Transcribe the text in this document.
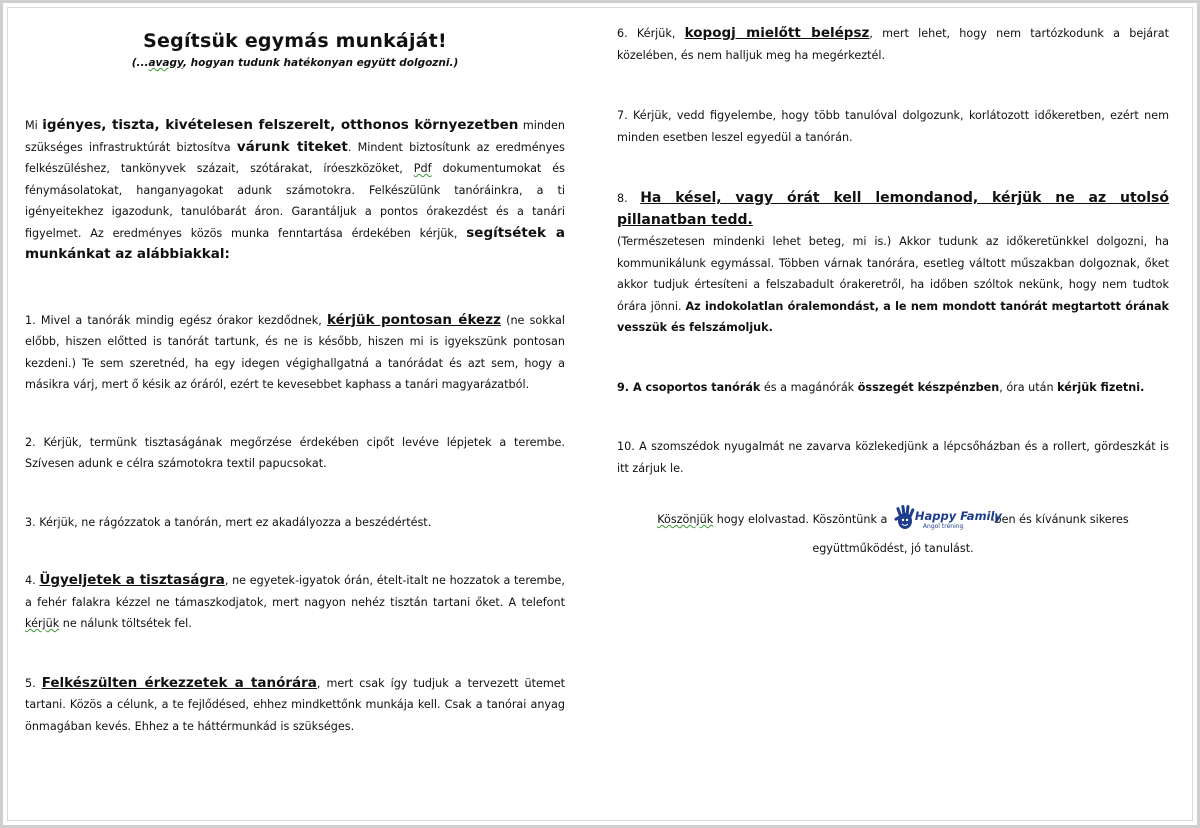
Segítsük egymás munkáját!

(...avagy, hogyan tudunk hatékonyan együtt dolgozni.)

Mi igényes, tiszta, kivételesen felszerelt, otthonos környezetben minden szükséges infrastruktúrát biztosítva várunk titeket. Mindent biztosítunk az eredményes felkészüléshez, tankönyvek százait, szótárakat, íróeszközöket, Pdf dokumentumokat és fénymásolatokat, hanganyagokat adunk számotokra. Felkészülünk tanóráinkra, a ti igényeitekhez igazodunk, tanulóbarát áron. Garantáljuk a pontos órakezdést és a tanári figyelmet. Az eredményes közös munka fenntartása érdekében kérjük, segítsétek a munkánkat az alábbiakkal:

1. Mivel a tanórák mindig egész órakor kezdődnek, kérjük pontosan ékezz (ne sokkal előbb, hiszen előtted is tanórát tartunk, és ne is később, hiszen mi is igyekszünk pontosan kezdeni.) Te sem szeretnéd, ha egy idegen végighallgatná a tanórádat és azt sem, hogy a másikra várj, mert ő késik az óráról, ezért te kevesebbet kaphass a tanári magyarázatból.

2. Kérjük, termünk tisztaságának megőrzése érdekében cipőt levéve lépjetek a terembe. Szívesen adunk e célra számotokra textil papucsokat.

3. Kérjük, ne rágózzatok a tanórán, mert ez akadályozza a beszédértést.

4. Ügyeljetek a tisztaságra, ne egyetek-igyatok órán, ételt-italt ne hozzatok a terembe, a fehér falakra kézzel ne támaszkodjatok, mert nagyon nehéz tisztán tartani őket. A telefont kérjük ne nálunk töltsétek fel.

5. Felkészülten érkezzetek a tanórára, mert csak így tudjuk a tervezett ütemet tartani. Közös a célunk, a te fejlődésed, ehhez mindkettőnk munkája kell. Csak a tanórai anyag önmagában kevés. Ehhez a te háttérmunkád is szükséges.

6. Kérjük, kopogj mielőtt belépsz, mert lehet, hogy nem tartózkodunk a bejárat közelében, és nem halljuk meg ha megérkeztél.

7. Kérjük, vedd figyelembe, hogy több tanulóval dolgozunk, korlátozott időkeretben, ezért nem minden esetben leszel egyedül a tanórán.

8. Ha késel, vagy órát kell lemondanod, kérjük ne az utolsó pillanatban tedd.
(Természetesen mindenki lehet beteg, mi is.) Akkor tudunk az időkeretünkkel dolgozni, ha kommunikálunk egymással. Többen várnak tanórára, esetleg váltott műszakban dolgoznak, őket akkor tudjuk értesíteni a felszabadult órakeretről, ha időben szóltok nekünk, hogy nem tudtok órára jönni. Az indokolatlan óralemondást, a le nem mondott tanórát megtartott órának vesszük és felszámoljuk.

9. A csoportos tanórák és a magánórák összegét készpénzben, óra után kérjük fizetni.

10. A szomszédok nyugalmát ne zavarva közlekedjünk a lépcsőházban és a rollert, gördeszkát is itt zárjuk le.

Köszönjük hogy elolvastad. Köszöntünk a Happy Family
Angol tréning
-ben és kívánunk sikeres
együttműködést, jó tanulást.
